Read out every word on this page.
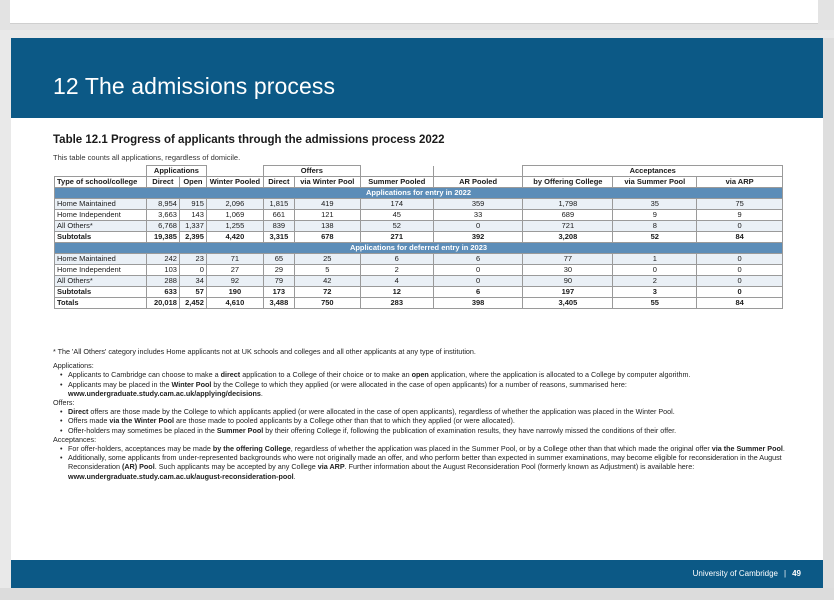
12 The admissions process
Table 12.1 Progress of applicants through the admissions process 2022
This table counts all applications, regardless of domicile.
	Applications			Offers				Acceptances		
Type of school/college	Direct	Open	Winter Pooled	Direct	via Winter Pool	Summer Pooled	AR Pooled	by Offering College	via Summer Pool	via ARP
Applications for entry in 2022										
Home Maintained	8,954	915	2,096	1,815	419	174	359	1,798	35	75
Home Independent	3,663	143	1,069	661	121	45	33	689	9	9
All Others*	6,768	1,337	1,255	839	138	52	0	721	8	0
Subtotals	19,385	2,395	4,420	3,315	678	271	392	3,208	52	84
Applications for deferred entry in 2023										
Home Maintained	242	23	71	65	25	6	6	77	1	0
Home Independent	103	0	27	29	5	2	0	30	0	0
All Others*	288	34	92	79	42	4	0	90	2	0
Subtotals	633	57	190	173	72	12	6	197	3	0
Totals	20,018	2,452	4,610	3,488	750	283	398	3,405	55	84

* The 'All Others' category includes Home applicants not at UK schools and colleges and all other applicants at any type of institution.

Applications:

• Applicants to Cambridge can choose to make a direct application to a College of their choice or to make an open application, where the application is allocated to a College by computer algorithm.
• Applicants may be placed in the Winter Pool by the College to which they applied (or were allocated in the case of open applicants) for a number of reasons, summarised here: www.undergraduate.study.cam.ac.uk/applying/decisions.

Offers:

• Direct offers are those made by the College to which applicants applied (or were allocated in the case of open applicants), regardless of whether the application was placed in the Winter Pool.
• Offers made via the Winter Pool are those made to pooled applicants by a College other than that to which they applied (or were allocated).
• Offer-holders may sometimes be placed in the Summer Pool by their offering College if, following the publication of examination results, they have narrowly missed the conditions of their offer.

Acceptances:

• For offer-holders, acceptances may be made by the offering College, regardless of whether the application was placed in the Summer Pool, or by a College other than that which made the original offer via the Summer Pool.
• Additionally, some applicants from under-represented backgrounds who were not originally made an offer, and who perform better than expected in summer examinations, may become eligible for reconsideration in the August Reconsideration (AR) Pool. Such applicants may be accepted by any College via ARP. Further information about the August Reconsideration Pool (formerly known as Adjustment) is available here: www.undergraduate.study.cam.ac.uk/august-reconsideration-pool.
University of Cambridge | 49
